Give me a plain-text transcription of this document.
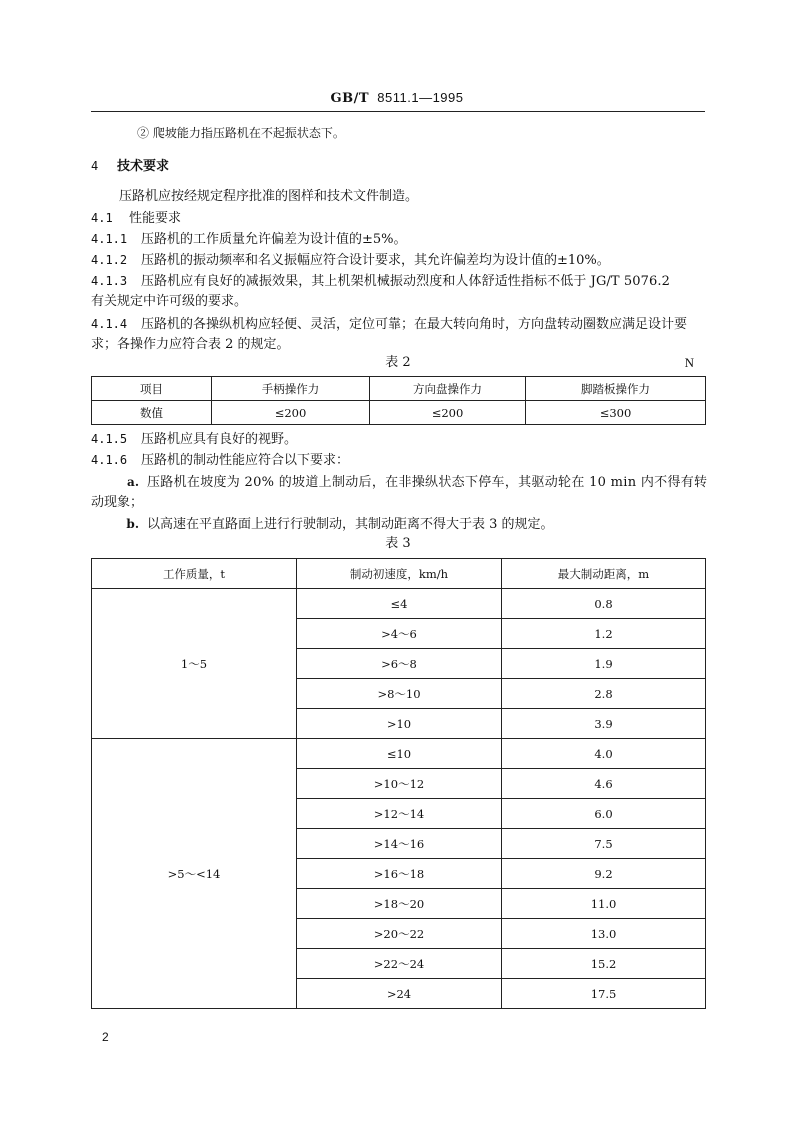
GB/T 8511.1—1995
② 爬坡能力指压路机在不起振状态下。
4 技术要求
压路机应按经规定程序批准的图样和技术文件制造。
4.1 性能要求
4.1.1 压路机的工作质量允许偏差为设计值的±5%。
4.1.2 压路机的振动频率和名义振幅应符合设计要求，其允许偏差均为设计值的±10%。
4.1.3 压路机应有良好的减振效果，其上机架机械振动烈度和人体舒适性指标不低于 JG/T 5076.2
有关规定中许可级的要求。
4.1.4 压路机的各操纵机构应轻便、灵活，定位可靠；在最大转向角时，方向盘转动圈数应满足设计要
求；各操作力应符合表 2 的规定。
表 2	N
项目	手柄操作力	方向盘操作力	脚踏板操作力
数值	≤200	≤200	≤300
4.1.5 压路机应具有良好的视野。
4.1.6 压路机的制动性能应符合以下要求：
a. 压路机在坡度为 20% 的坡道上制动后，在非操纵状态下停车，其驱动轮在 10 min 内不得有转
动现象；
b. 以高速在平直路面上进行行驶制动，其制动距离不得大于表 3 的规定。
表 3
工作质量，t	制动初速度，km/h	最大制动距离，m
1～5	≤4	0.8
	>4～6	1.2
	>6～8	1.9
	>8～10	2.8
	>10	3.9
>5～<14	≤10	4.0
	>10～12	4.6
	>12～14	6.0
	>14～16	7.5
	>16～18	9.2
	>18～20	11.0
	>20～22	13.0
	>22～24	15.2
	>24	17.5
2
